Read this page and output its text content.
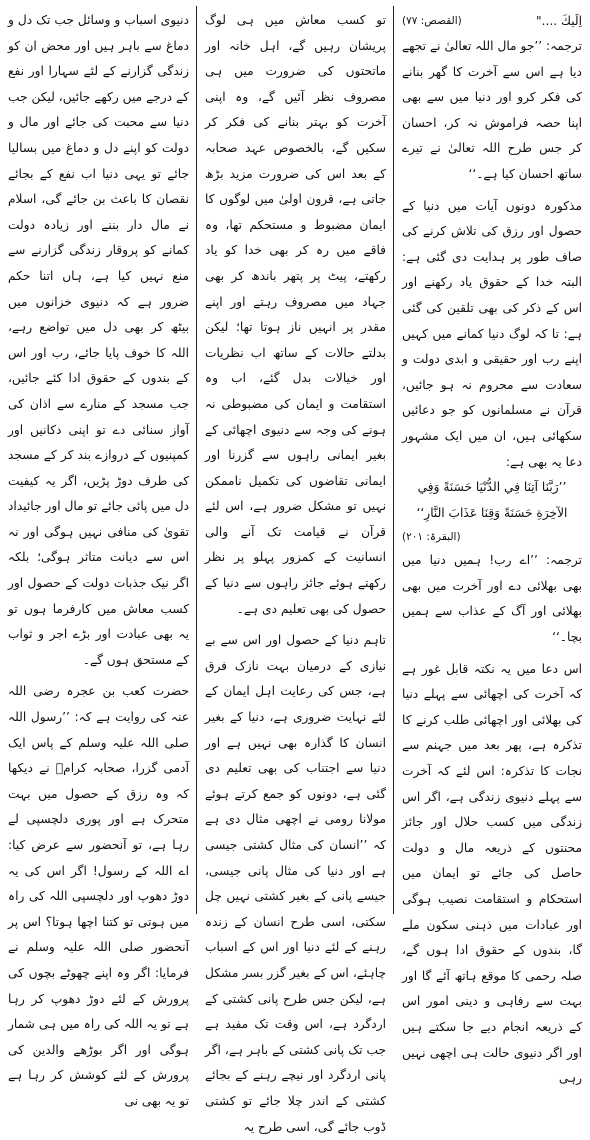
اِلَيكَ ...."
(القصص: ۷۷)

ترجمہ: ’’جو مال اللہ تعالیٰ نے تجھے دیا ہے اس سے آخرت کا گھر بنانے کی فکر کرو اور دنیا میں سے بھی اپنا حصہ فراموش نہ کر، احسان کر جس طرح اللہ تعالیٰ نے تیرے ساتھ احسان کیا ہے۔‘‘

مذکورہ دونوں آیات میں دنیا کے حصول اور رزق کی تلاش کرنے کی صاف طور پر ہدایت دی گئی ہے: البتہ خدا کے حقوق یاد رکھنے اور اس کے ذکر کی بھی تلقین کی گئی ہے: تا کہ لوگ دنیا کمانے میں کہیں اپنے رب اور حقیقی و ابدی دولت و سعادت سے محروم نہ ہو جائیں، قرآن نے مسلمانوں کو جو دعائیں سکھائی ہیں، ان میں ایک مشہور دعا یہ بھی ہے:

’’رَبَّنَا آتِنَا فِي الدُّنْيَا حَسَنَةً وَفِي الآخِرَةِ حَسَنَةً وَقِنَا عَذَابَ النَّارِ‘‘

(البقرۃ: ۲۰۱)

ترجمہ: ’’اے رب! ہمیں دنیا میں بھی بھلائی دے اور آخرت میں بھی بھلائی اور آگ کے عذاب سے ہمیں بچا۔‘‘

اس دعا میں یہ نکتہ قابل غور ہے کہ آخرت کی اچھائی سے پہلے دنیا کی بھلائی اور اچھائی طلب کرنے کا تذکرہ ہے، پھر بعد میں جہنم سے نجات کا تذکرہ: اس لئے کہ آخرت سے پہلے دنیوی زندگی ہے، اگر اس زندگی میں کسب حلال اور جائز محنتوں کے ذریعہ مال و دولت حاصل کی جائے تو ایمان میں استحکام و استقامت نصیب ہوگی اور عبادات میں ذہنی سکون ملے گا، بندوں کے حقوق ادا ہوں گے، صلہ رحمی کا موقع ہاتھ آئے گا اور بہت سے رفاہی و دینی امور اس کے ذریعہ انجام دیے جا سکتے ہیں اور اگر دنیوی حالت ہی اچھی نہیں رہی

تو کسب معاش میں ہی لوگ پریشان رہیں گے، اہل خانہ اور ماتحتوں کی ضرورت میں ہی مصروف نظر آئیں گے، وہ اپنی آخرت کو بہتر بنانے کی فکر کر سکیں گے، بالخصوص عہد صحابہ کے بعد اس کی ضرورت مزید بڑھ جاتی ہے، قرون اولیٰ میں لوگوں کا ایمان مضبوط و مستحکم تھا، وہ فاقے میں رہ کر بھی خدا کو یاد رکھتے، پیٹ پر پتھر باندھ کر بھی جہاد میں مصروف رہتے اور اپنے مقدر پر انہیں ناز ہوتا تھا؛ لیکن بدلتے حالات کے ساتھ اب نظریات اور خیالات بدل گئے، اب وہ استقامت و ایمان کی مضبوطی نہ ہونے کی وجہ سے دنیوی اچھائی کے بغیر ایمانی راہوں سے گزرنا اور ایمانی تقاضوں کی تکمیل ناممکن نہیں تو مشکل ضرور ہے، اس لئے قرآن نے قیامت تک آنے والی انسانیت کے کمزور پہلو پر نظر رکھتے ہوئے جائز راہوں سے دنیا کے حصول کی بھی تعلیم دی ہے۔

تاہم دنیا کے حصول اور اس سے بے نیازی کے درمیان بہت نازک فرق ہے، جس کی رعایت اہل ایمان کے لئے نہایت ضروری ہے، دنیا کے بغیر انسان کا گذارہ بھی نہیں ہے اور دنیا سے اجتناب کی بھی تعلیم دی گئی ہے، دونوں کو جمع کرتے ہوئے مولانا رومی نے اچھی مثال دی ہے کہ ’’انسان کی مثال کشتی جیسی ہے اور دنیا کی مثال پانی جیسی، جیسے پانی کے بغیر کشتی نہیں چل سکتی، اسی طرح انسان کے زندہ رہنے کے لئے دنیا اور اس کے اسباب چاہئے، اس کے بغیر گزر بسر مشکل ہے، لیکن جس طرح پانی کشتی کے اردگرد ہے، اس وقت تک مفید ہے جب تک پانی کشتی کے باہر ہے، اگر پانی اردگرد اور نیچے رہنے کے بجائے کشتی کے اندر چلا جائے تو کشتی ڈوب جائے گی، اسی طرح یہ

دنیوی اسباب و وسائل جب تک دل و دماغ سے باہر ہیں اور محض ان کو زندگی گزارنے کے لئے سہارا اور نفع کے درجے میں رکھے جائیں، لیکن جب دنیا سے محبت کی جائے اور مال و دولت کو اپنے دل و دماغ میں بسالیا جائے تو یہی دنیا اب نفع کے بجائے نقصان کا باعث بن جائے گی، اسلام نے مال دار بننے اور زیادہ دولت کمانے کو پروقار زندگی گزارنے سے منع نہیں کیا ہے، ہاں اتنا حکم ضرور ہے کہ دنیوی خزانوں میں بیٹھ کر بھی دل میں تواضع رہے، اللہ کا خوف پایا جائے، رب اور اس کے بندوں کے حقوق ادا کئے جائیں، جب مسجد کے منارے سے اذان کی آواز سنائی دے تو اپنی دکانیں اور کمپنیوں کے دروازے بند کر کے مسجد کی طرف دوڑ پڑیں، اگر یہ کیفیت دل میں پائی جائے تو مال اور جائیداد تقویٰ کی منافی نہیں ہوگی اور نہ اس سے دیانت متاثر ہوگی؛ بلکہ اگر نیک جذبات دولت کے حصول اور کسب معاش میں کارفرما ہوں تو یہ بھی عبادت اور بڑے اجر و ثواب کے مستحق ہوں گے۔

حضرت کعب بن عجرہ رضی اللہ عنہ کی روایت ہے کہ: ’’رسول اللہ صلی اللہ علیہ وسلم کے پاس ایک آدمی گزرا، صحابہ کرامؓ نے دیکھا کہ وہ رزق کے حصول میں بہت متحرک ہے اور پوری دلچسپی لے رہا ہے، تو آنحضور سے عرض کیا: اے اللہ کے رسول! اگر اس کی یہ دوڑ دھوپ اور دلچسپی اللہ کی راہ میں ہوتی تو کتنا اچھا ہوتا؟ اس پر آنحضور صلی اللہ علیہ وسلم نے فرمایا: اگر وہ اپنے چھوٹے بچوں کی پرورش کے لئے دوڑ دھوپ کر رہا ہے تو یہ اللہ کی راہ میں ہی شمار ہوگی اور اگر بوڑھے والدین کی پرورش کے لئے کوشش کر رہا ہے تو یہ بھی نی
